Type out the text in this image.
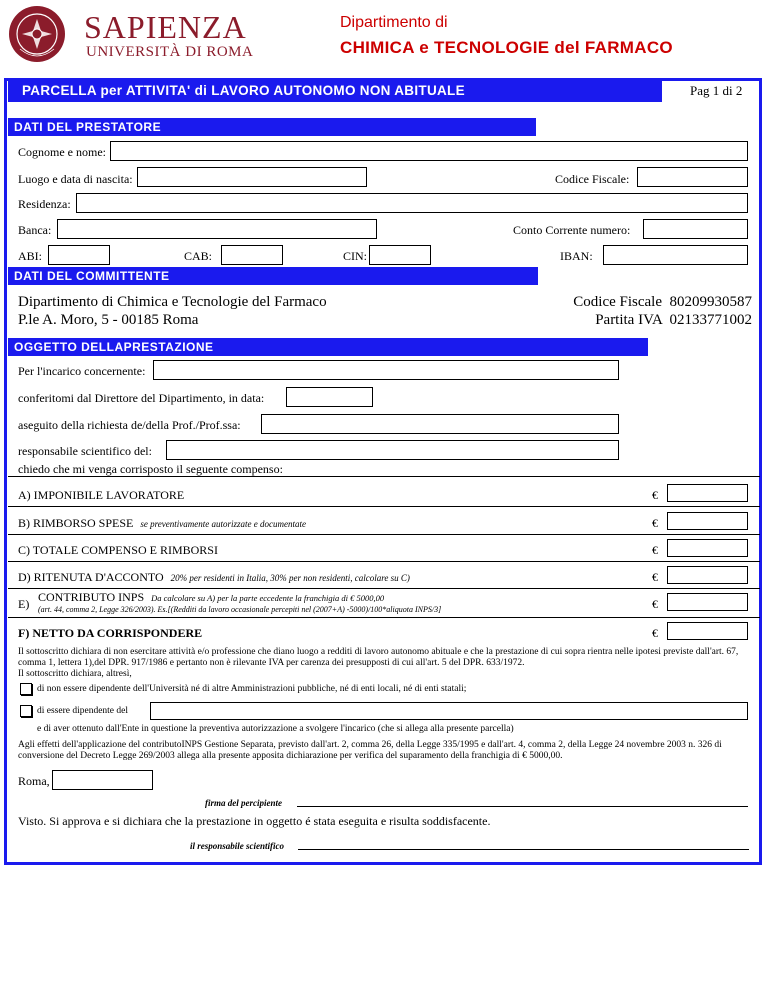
SAPIENZA
UNIVERSITÀ DI ROMA
Dipartimento di
CHIMICA e TECNOLOGIE del FARMACO
PARCELLA per ATTIVITA' di LAVORO AUTONOMO NON ABITUALE	Pag 1 di 2
DATI DEL PRESTATORE
Cognome e nome:
Luogo e data di nascita:	Codice Fiscale:
Residenza:
Banca:	Conto Corrente numero:
ABI:	CAB:	CIN:	IBAN:
DATI DEL COMMITTENTE
Dipartimento di Chimica e Tecnologie del Farmaco
P.le A. Moro, 5 - 00185 Roma
Codice Fiscale  80209930587
Partita IVA  02133771002
OGGETTO DELLAPRESTAZIONE
Per l'incarico concernente:
conferitomi dal Direttore del Dipartimento, in data:
aseguito della richiesta de/della Prof./Prof.ssa:
responsabile scientifico del:
chiedo che mi venga corrisposto il seguente compenso:
A) IMPONIBILE LAVORATORE	€
B) RIMBORSO SPESE se preventivamente autorizzate e documentate	€
C) TOTALE COMPENSO E RIMBORSI	€
D) RITENUTA D'ACCONTO 20% per residenti in Italia, 30% per non residenti, calcolare su C)	€
E) CONTRIBUTO INPS Da calcolare su A) per la parte eccedente la franchigia di € 5000,00
(art. 44, comma 2, Legge 326/2003). Es.[(Redditi da lavoro occasionale percepiti nel (2007+A) -5000)/100*aliquota INPS/3]	€
F) NETTO DA CORRISPONDERE	€
Il sottoscritto dichiara di non esercitare attività e/o professione che diano luogo a redditi di lavoro autonomo abituale e che la prestazione di cui sopra rientra nelle ipotesi previste dall'art. 67, comma 1, lettera 1),del DPR. 917/1986 e pertanto non è rilevante IVA per carenza dei presupposti di cui all'art. 5 del DPR. 633/1972.
Il sottoscritto dichiara, altresì,
di non essere dipendente dell'Università né di altre Amministrazioni pubbliche, né di enti locali, né di enti statali;
di essere dipendente del
e di aver ottenuto dall'Ente in questione la preventiva autorizzazione a svolgere l'incarico (che si allega alla presente parcella)
Agli effetti dell'applicazione del contributoINPS Gestione Separata, previsto dall'art. 2, comma 26, della Legge 335/1995 e dall'art. 4, comma 2, della Legge 24 novembre 2003 n. 326 di conversione del Decreto Legge 269/2003 allega alla presente apposita dichiarazione per verifica del suparamento della franchigia di € 5000,00.
Roma,
firma del percipiente
Visto. Si approva e si dichiara che la prestazione in oggetto é stata eseguita e risulta soddisfacente.
il responsabile scientifico
